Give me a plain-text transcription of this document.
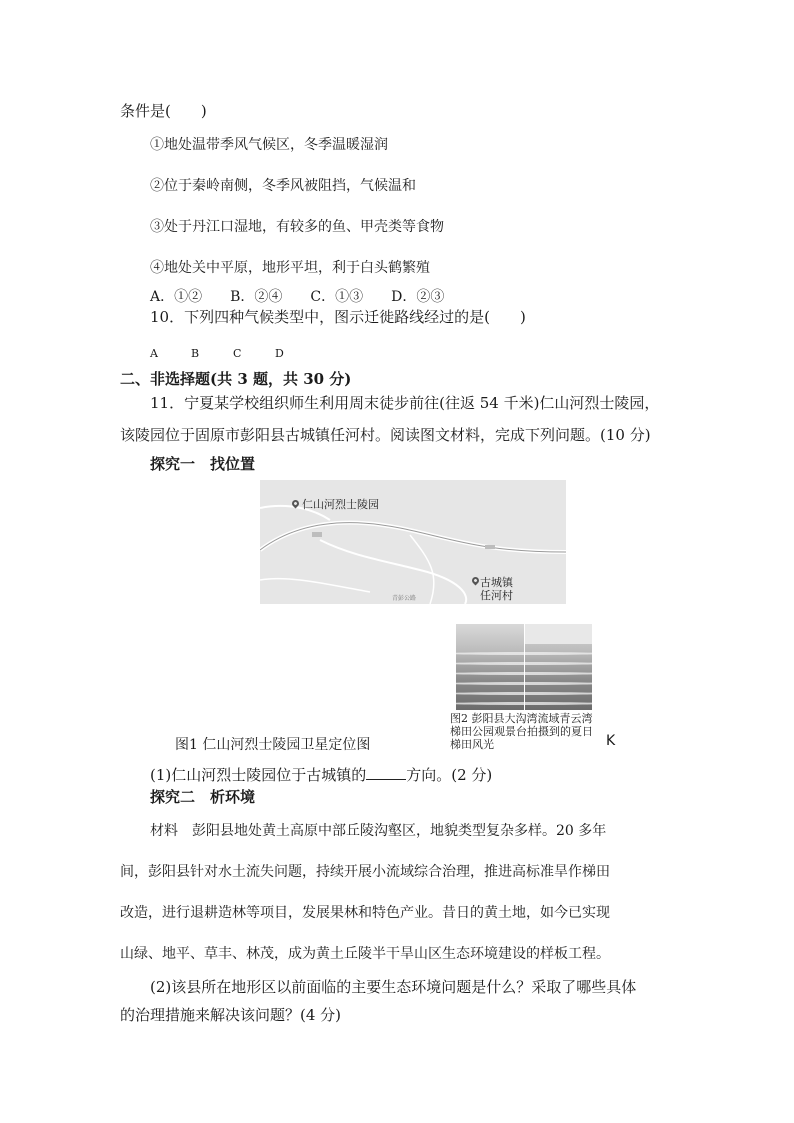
条件是(　　)
①地处温带季风气候区，冬季温暖湿润
②位于秦岭南侧，冬季风被阻挡，气候温和
③处于丹江口湿地，有较多的鱼、甲壳类等食物
④地处关中平原，地形平坦，利于白头鹤繁殖
A．①②　　B．②④　　C．①③　　D．②③
10．下列四种气候类型中，图示迁徙路线经过的是(　　)
A	B	C	D
二、非选择题(共 3 题，共 30 分)
11．宁夏某学校组织师生利用周末徒步前往(往返 54 千米)仁山河烈士陵园，
该陵园位于固原市彭阳县古城镇任河村。阅读图文材料，完成下列问题。(10 分)
探究一　找位置
仁山河烈士陵园
古城镇
任河村
青彭公路
图2 彭阳县大沟湾流域青云湾
梯田公园观景台拍摄到的夏日
梯田风光	K
图1 仁山河烈士陵园卫星定位图
(1)仁山河烈士陵园位于古城镇的	方向。(2 分)
探究二　析环境
材料　彭阳县地处黄土高原中部丘陵沟壑区，地貌类型复杂多样。20 多年
间，彭阳县针对水土流失问题，持续开展小流域综合治理，推进高标准旱作梯田
改造，进行退耕造林等项目，发展果林和特色产业。昔日的黄土地，如今已实现
山绿、地平、草丰、林茂，成为黄土丘陵半干旱山区生态环境建设的样板工程。
(2)该县所在地形区以前面临的主要生态环境问题是什么？采取了哪些具体
的治理措施来解决该问题？(4 分)
